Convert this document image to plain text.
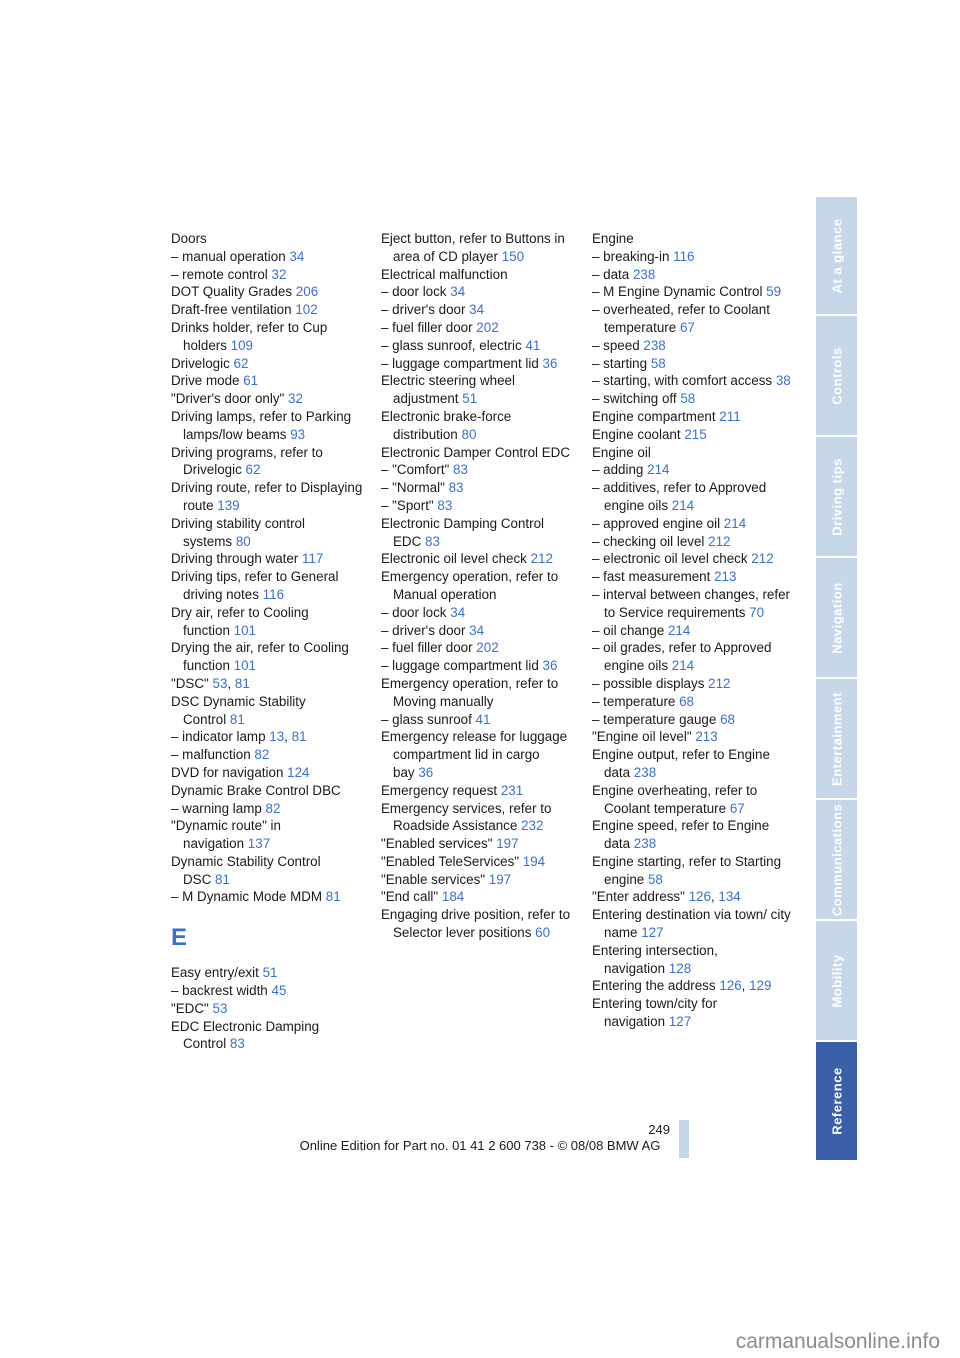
Doors

– manual operation 34

– remote control 32

DOT Quality Grades 206

Draft-free ventilation 102

Drinks holder, refer to Cup holders 109

Drivelogic 62

Drive mode 61

"Driver's door only" 32

Driving lamps, refer to Parking lamps/low beams 93

Driving programs, refer to Drivelogic 62

Driving route, refer to Displaying route 139

Driving stability control systems 80

Driving through water 117

Driving tips, refer to General driving notes 116

Dry air, refer to Cooling function 101

Drying the air, refer to Cooling function 101

"DSC" 53, 81

DSC Dynamic Stability Control 81

– indicator lamp 13, 81

– malfunction 82

DVD for navigation 124

Dynamic Brake Control DBC

– warning lamp 82

"Dynamic route" in navigation 137

Dynamic Stability Control DSC 81

– M Dynamic Mode MDM 81

E

Easy entry/exit 51

– backrest width 45

"EDC" 53

EDC Electronic Damping Control 83

Eject button, refer to Buttons in area of CD player 150

Electrical malfunction

– door lock 34

– driver's door 34

– fuel filler door 202

– glass sunroof, electric 41

– luggage compartment lid 36

Electric steering wheel adjustment 51

Electronic brake-force distribution 80

Electronic Damper Control EDC

– "Comfort" 83

– "Normal" 83

– "Sport" 83

Electronic Damping Control EDC 83

Electronic oil level check 212

Emergency operation, refer to Manual operation

– door lock 34

– driver's door 34

– fuel filler door 202

– luggage compartment lid 36

Emergency operation, refer to Moving manually

– glass sunroof 41

Emergency release for luggage compartment lid in cargo bay 36

Emergency request 231

Emergency services, refer to Roadside Assistance 232

"Enabled services" 197

"Enabled TeleServices" 194

"Enable services" 197

"End call" 184

Engaging drive position, refer to Selector lever positions 60

Engine

– breaking-in 116

– data 238

– M Engine Dynamic Control 59

– overheated, refer to Coolant temperature 67

– speed 238

– starting 58

– starting, with comfort access 38

– switching off 58

Engine compartment 211

Engine coolant 215

Engine oil

– adding 214

– additives, refer to Approved engine oils 214

– approved engine oil 214

– checking oil level 212

– electronic oil level check 212

– fast measurement 213

– interval between changes, refer to Service requirements 70

– oil change 214

– oil grades, refer to Approved engine oils 214

– possible displays 212

– temperature 68

– temperature gauge 68

"Engine oil level" 213

Engine output, refer to Engine data 238

Engine overheating, refer to Coolant temperature 67

Engine speed, refer to Engine data 238

Engine starting, refer to Starting engine 58

"Enter address" 126, 134

Entering destination via town/ city name 127

Entering intersection, navigation 128

Entering the address 126, 129

Entering town/city for navigation 127

At a glance
Controls
Driving tips
Navigation
Entertainment
Communications
Mobility
Reference
249
Online Edition for Part no. 01 41 2 600 738 - © 08/08 BMW AG
carmanualsonline.info
